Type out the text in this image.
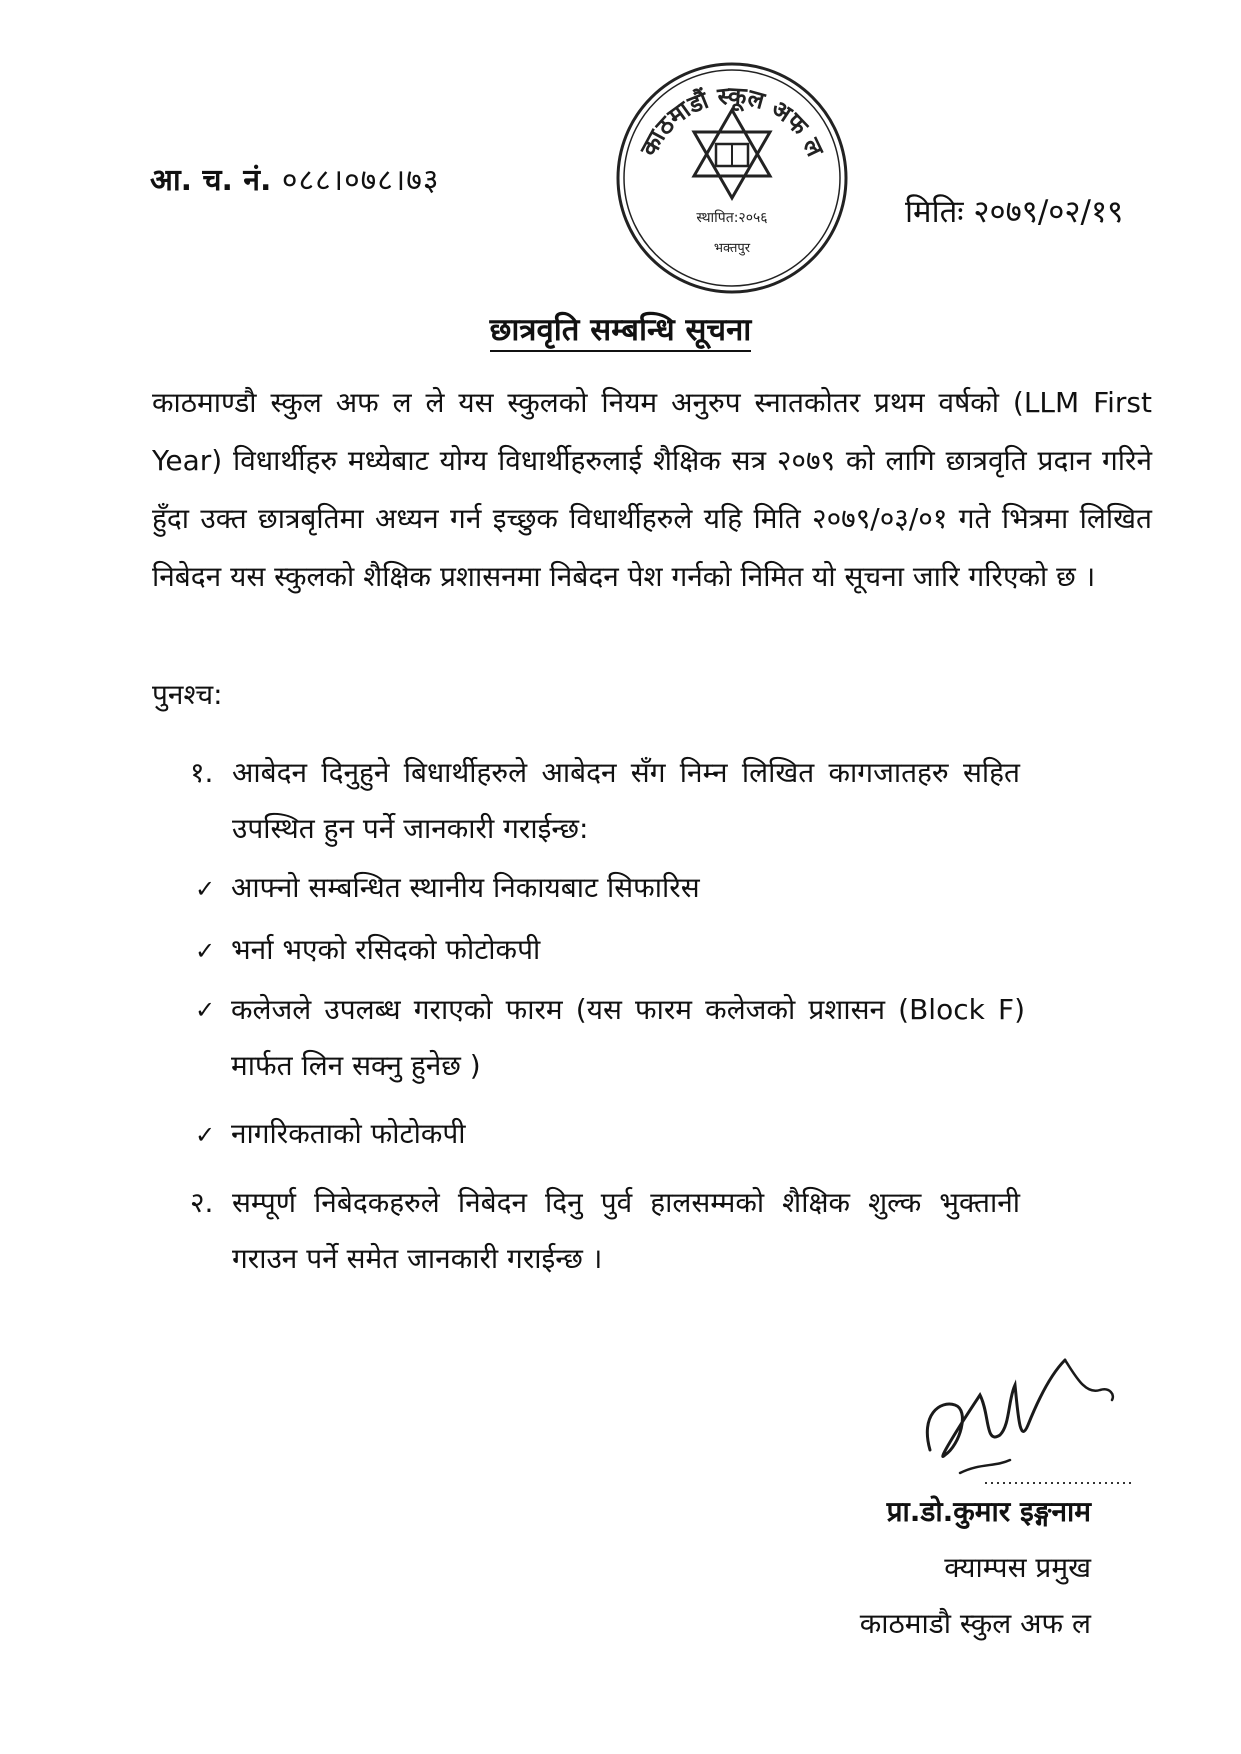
आ. च. नं. ०८८।०७८।७३
काठमाडौं स्कूल अफ ल
स्थापित:२०५६
भक्तपुर
मितिः २०७९/०२/१९
छात्रवृति सम्बन्धि सूचना
काठमाण्डौ स्कुल अफ ल ले यस स्कुलको नियम अनुरुप स्नातकोतर प्रथम वर्षको (LLM First Year) विधार्थीहरु मध्येबाट योग्य विधार्थीहरुलाई शैक्षिक सत्र २०७९ को लागि छात्रवृति प्रदान गरिने हुँदा उक्त छात्रबृतिमा अध्यन गर्न इच्छुक विधार्थीहरुले यहि मिति २०७९/०३/०१ गते भित्रमा लिखित निबेदन यस स्कुलको शैक्षिक प्रशासनमा निबेदन पेश गर्नको निमित यो सूचना जारि गरिएको छ ।
पुनश्च:
१. आबेदन दिनुहुने बिधार्थीहरुले आबेदन सँग निम्न लिखित कागजातहरु सहित उपस्थित हुन पर्ने जानकारी गराईन्छ:
✓ आफ्नो सम्बन्धित स्थानीय निकायबाट सिफारिस
✓ भर्ना भएको रसिदको फोटोकपी
✓ कलेजले उपलब्ध गराएको फारम (यस फारम कलेजको प्रशासन (Block F) मार्फत लिन सक्नु हुनेछ )
✓ नागरिकताको फोटोकपी
२. सम्पूर्ण निबेदकहरुले निबेदन दिनु पुर्व हालसम्मको शैक्षिक शुल्क भुक्तानी गराउन पर्ने समेत जानकारी गराईन्छ ।
प्रा.डो.कुमार इङ्गनाम
क्याम्पस प्रमुख
काठमाडौ स्कुल अफ ल
